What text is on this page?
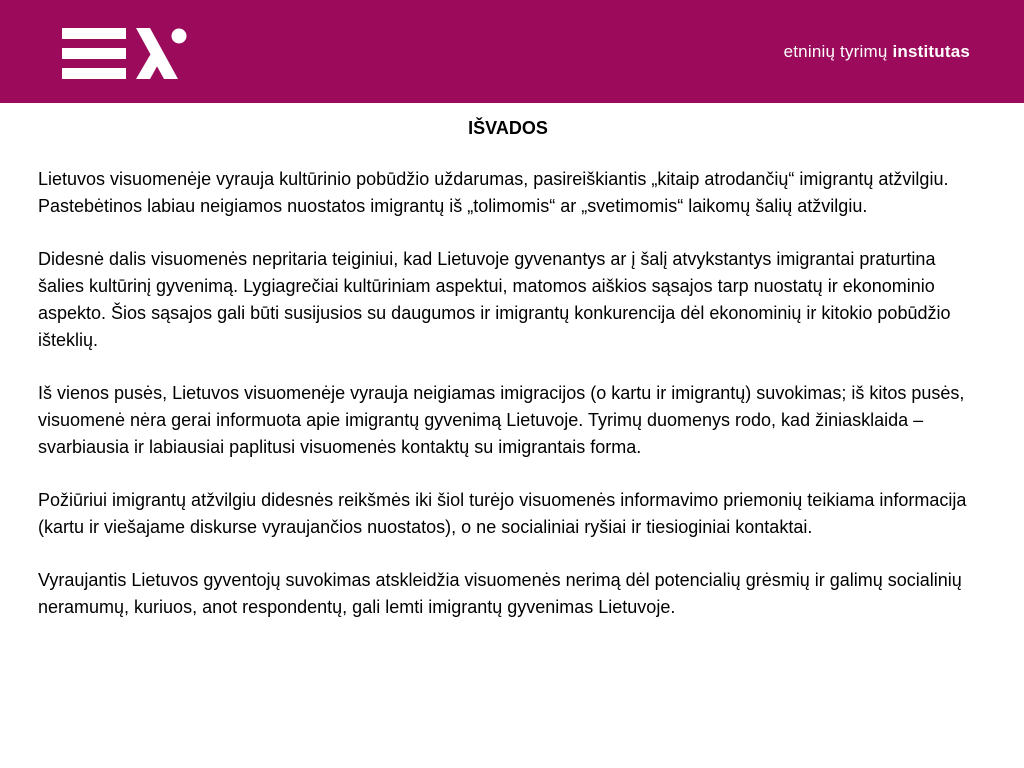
etninių tyrimų institutas
IŠVADOS

Lietuvos visuomenėje vyrauja kultūrinio pobūdžio uždarumas, pasireiškiantis „kitaip atrodančių“ imigrantų atžvilgiu. Pastebėtinos labiau neigiamos nuostatos imigrantų iš „tolimomis“ ar „svetimomis“ laikomų šalių atžvilgiu.

Didesnė dalis visuomenės nepritaria teiginiui, kad Lietuvoje gyvenantys ar į šalį atvykstantys imigrantai praturtina šalies kultūrinį gyvenimą. Lygiagrečiai kultūriniam aspektui, matomos aiškios sąsajos tarp nuostatų ir ekonominio aspekto. Šios sąsajos gali būti susijusios su daugumos ir imigrantų konkurencija dėl ekonominių ir kitokio pobūdžio išteklių.

Iš vienos pusės, Lietuvos visuomenėje vyrauja neigiamas imigracijos (o kartu ir imigrantų) suvokimas; iš kitos pusės, visuomenė nėra gerai informuota apie imigrantų gyvenimą Lietuvoje. Tyrimų duomenys rodo, kad žiniasklaida – svarbiausia ir labiausiai paplitusi visuomenės kontaktų su imigrantais forma.

Požiūriui imigrantų atžvilgiu didesnės reikšmės iki šiol turėjo visuomenės informavimo priemonių teikiama informacija (kartu ir viešajame diskurse vyraujančios nuostatos), o ne socialiniai ryšiai ir tiesioginiai kontaktai.

Vyraujantis Lietuvos gyventojų suvokimas atskleidžia visuomenės nerimą dėl potencialių grėsmių ir galimų socialinių neramumų, kuriuos, anot respondentų, gali lemti imigrantų gyvenimas Lietuvoje.
